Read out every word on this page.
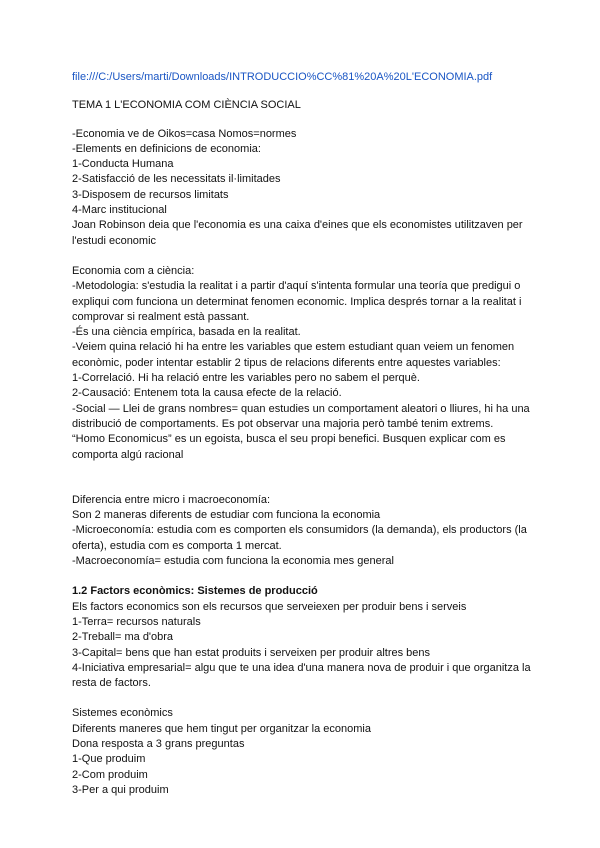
file:///C:/Users/marti/Downloads/INTRODUCCIO%CC%81%20A%20L'ECONOMIA.pdf
TEMA 1 L'ECONOMIA COM CIÈNCIA SOCIAL
-Economia ve de Oikos=casa Nomos=normes
-Elements en definicions de economia:
1-Conducta Humana
2-Satisfacció de les necessitats il·limitades
3-Disposem de recursos limitats
4-Marc institucional
Joan Robinson deia que l'economia es una caixa d'eines que els economistes utilitzaven per l'estudi economic
Economia com a ciència:
-Metodologia: s'estudia la realitat i a partir d'aquí s'intenta formular una teoría que predigui o expliqui com funciona un determinat fenomen economic. Implica després tornar a la realitat i comprovar si realment està passant.
-És una ciència empírica, basada en la realitat.
-Veiem quina relació hi ha entre les variables que estem estudiant quan veiem un fenomen econòmic, poder intentar establir 2 tipus de relacions diferents entre aquestes variables:
1-Correlació. Hi ha relació entre les variables pero no sabem el perquè.
2-Causació: Entenem tota la causa efecte de la relació.
-Social — Llei de grans nombres= quan estudies un comportament aleatori o lliures, hi ha una distribució de comportaments. Es pot observar una majoria però també tenim extrems.
“Homo Economicus” es un egoista, busca el seu propi benefici. Busquen explicar com es comporta algú racional
Diferencia entre micro i macroeconomía:
Son 2 maneras diferents de estudiar com funciona la economia
-Microeconomía: estudia com es comporten els consumidors (la demanda), els productors (la oferta), estudia com es comporta 1 mercat.
-Macroeconomía= estudia com funciona la economia mes general
1.2 Factors econòmics: Sistemes de producció
Els factors economics son els recursos que serveiexen per produir bens i serveis
1-Terra= recursos naturals
2-Treball= ma d'obra
3-Capital= bens que han estat produits i serveixen per produir altres bens
4-Iniciativa empresarial= algu que te una idea d'una manera nova de produir i que organitza la resta de factors.
Sistemes econòmics
Diferents maneres que hem tingut per organitzar la economia
Dona resposta a 3 grans preguntas
1-Que produim
2-Com produim
3-Per a qui produim
